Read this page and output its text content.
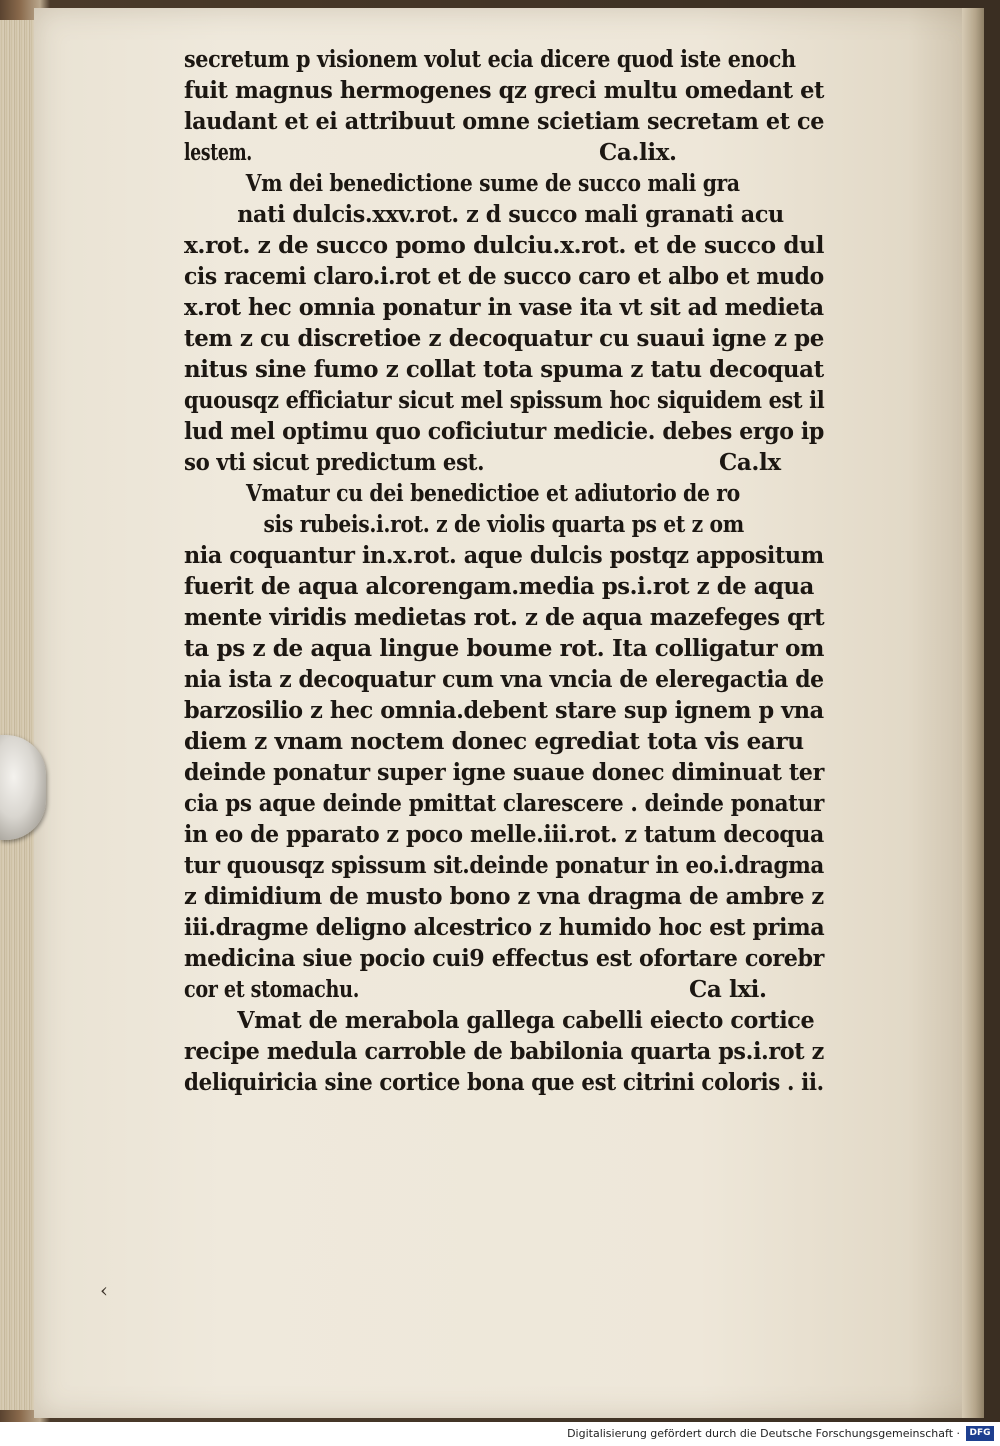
secretum p visionem volut ecia dicere quod iste enoch
fuit magnus hermogenes qz greci multu omedant et
laudant et ei attribuut omne scietiam secretam et ce
lestem.	Ca.lix.
Vm dei benedictione sume de succo mali gra
nati dulcis.xxv.rot. z d succo mali granati acu
x.rot. z de succo pomo dulciu.x.rot. et de succo dul
cis racemi claro.i.rot et de succo caro et albo et mudo
x.rot hec omnia ponatur in vase ita vt sit ad medieta
tem z cu discretioe z decoquatur cu suaui igne z pe
nitus sine fumo z collat tota spuma z tatu decoquat
quousqz efficiatur sicut mel spissum hoc siquidem est il
lud mel optimu quo coficiutur medicie. debes ergo ip
so vti sicut predictum est.	Ca.lx
Vmatur cu dei benedictioe et adiutorio de ro
sis rubeis.i.rot. z de violis quarta ps et z om
nia coquantur in.x.rot. aque dulcis postqz appositum
fuerit de aqua alcorengam.media ps.i.rot z de aqua
mente viridis medietas rot. z de aqua mazefeges qrt
ta ps z de aqua lingue boume rot. Ita colligatur om
nia ista z decoquatur cum vna vncia de eleregactia de
barzosilio z hec omnia.debent stare sup ignem p vna
diem z vnam noctem donec egrediat tota vis earu
deinde ponatur super igne suaue donec diminuat ter
cia ps aque deinde pmittat clarescere . deinde ponatur
in eo de pparato z poco melle.iii.rot. z tatum decoqua
tur quousqz spissum sit.deinde ponatur in eo.i.dragma
z dimidium de musto bono z vna dragma de ambre z
iii.dragme deligno alcestrico z humido hoc est prima
medicina siue pocio cui9 effectus est ofortare corebr
cor et stomachu.	Ca lxi.
Vmat de merabola gallega cabelli eiecto cortice
recipe medula carroble de babilonia quarta ps.i.rot z
deliquiricia sine cortice bona que est citrini coloris . ii.
‹
Digitalisierung gefördert durch die Deutsche Forschungsgemeinschaft ·	DFG
